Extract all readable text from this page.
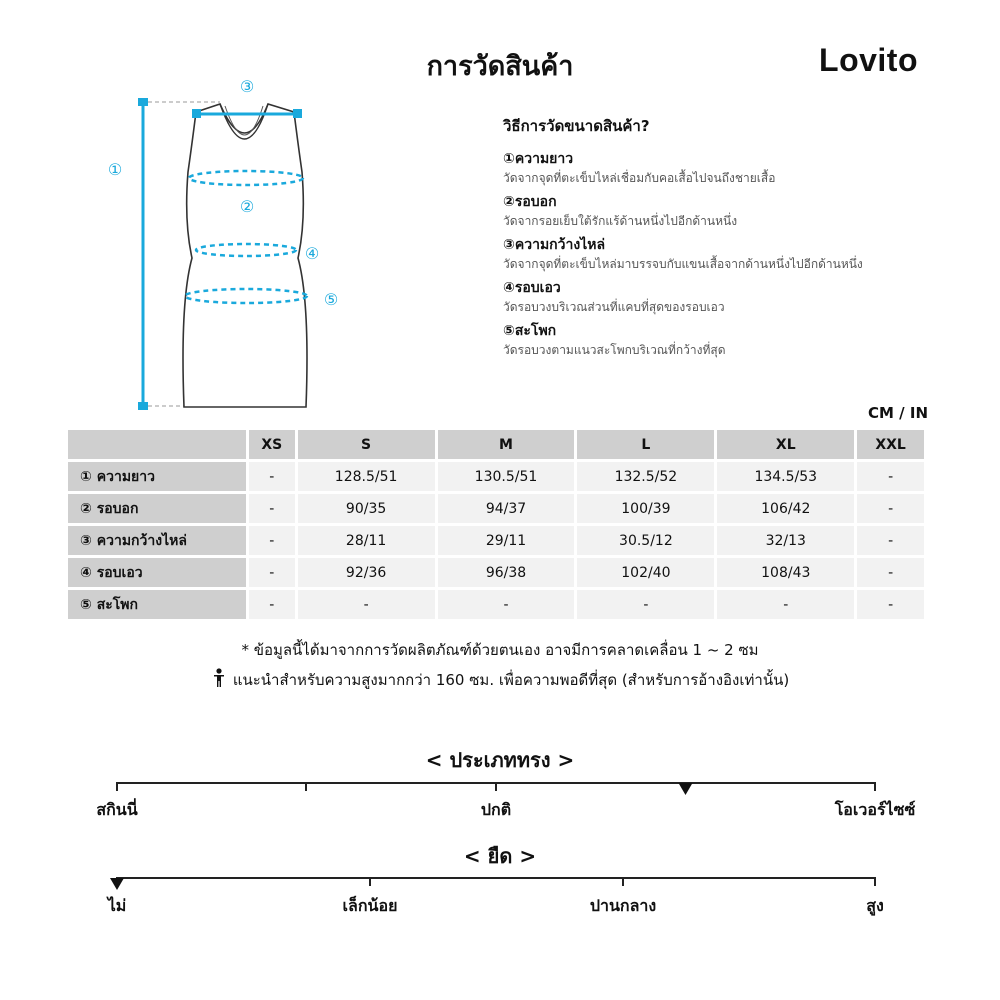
การวัดสินค้า	Lovito
①
②
③
④
⑤
วิธีการวัดขนาดสินค้า?
①ความยาว
วัดจากจุดที่ตะเข็บไหล่เชื่อมกับคอเสื้อไปจนถึงชายเสื้อ
②รอบอก
วัดจากรอยเย็บใต้รักแร้ด้านหนึ่งไปอีกด้านหนึ่ง
③ความกว้างไหล่
วัดจากจุดที่ตะเข็บไหล่มาบรรจบกับแขนเสื้อจากด้านหนึ่งไปอีกด้านหนึ่ง
④รอบเอว
วัดรอบวงบริเวณส่วนที่แคบที่สุดของรอบเอว
⑤สะโพก
วัดรอบวงตามแนวสะโพกบริเวณที่กว้างที่สุด
CM / IN
	XS	S	M	L	XL	XXL
① ความยาว	-	128.5/51	130.5/51	132.5/52	134.5/53	-
② รอบอก	-	90/35	94/37	100/39	106/42	-
③ ความกว้างไหล่	-	28/11	29/11	30.5/12	32/13	-
④ รอบเอว	-	92/36	96/38	102/40	108/43	-
⑤ สะโพก	-	-	-	-	-	-
* ข้อมูลนี้ได้มาจากการวัดผลิตภัณฑ์ด้วยตนเอง อาจมีการคลาดเคลื่อน 1 ~ 2 ซม
แนะนำสำหรับความสูงมากกว่า 160 ซม. เพื่อความพอดีที่สุด (สำหรับการอ้างอิงเท่านั้น)
< ประเภททรง >
สกินนี่	ปกติ	โอเวอร์ไซซ์
< ยืด >
ไม่	เล็กน้อย	ปานกลาง	สูง
